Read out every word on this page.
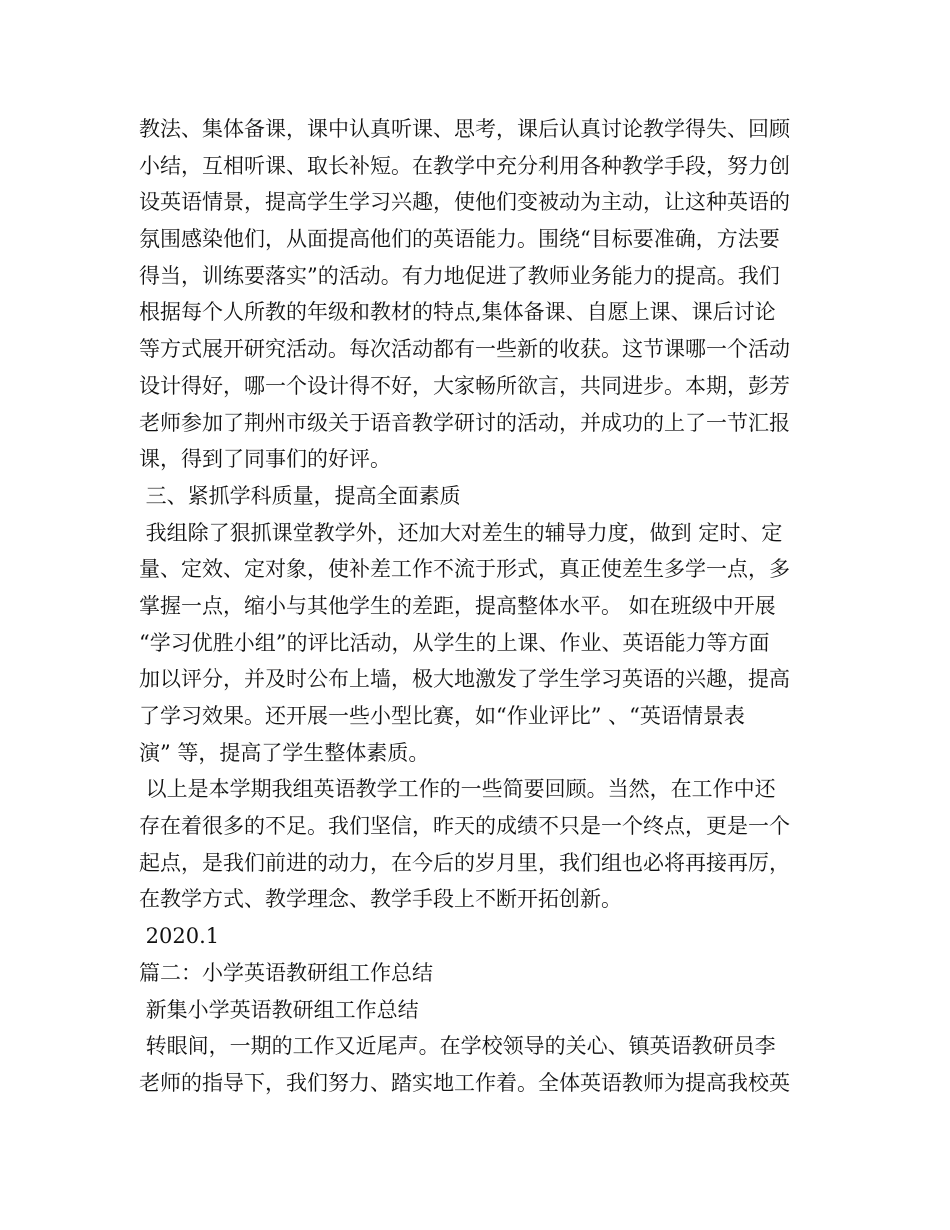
教法、集体备课，课中认真听课、思考，课后认真讨论教学得失、回顾
小结，互相听课、取长补短。在教学中充分利用各种教学手段，努力创
设英语情景，提高学生学习兴趣，使他们变被动为主动，让这种英语的
氛围感染他们，从面提高他们的英语能力。围绕“目标要准确，方法要
得当，训练要落实”的活动。有力地促进了教师业务能力的提高。我们
根据每个人所教的年级和教材的特点,集体备课、自愿上课、课后讨论
等方式展开研究活动。每次活动都有一些新的收获。这节课哪一个活动
设计得好，哪一个设计得不好，大家畅所欲言，共同进步。本期，彭芳
老师参加了荆州市级关于语音教学研讨的活动，并成功的上了一节汇报
课，得到了同事们的好评。
三、紧抓学科质量，提高全面素质
我组除了狠抓课堂教学外，还加大对差生的辅导力度，做到 定时、定
量、定效、定对象，使补差工作不流于形式，真正使差生多学一点，多
掌握一点，缩小与其他学生的差距，提高整体水平。 如在班级中开展
“学习优胜小组”的评比活动，从学生的上课、作业、英语能力等方面
加以评分，并及时公布上墙，极大地激发了学生学习英语的兴趣，提高
了学习效果。还开展一些小型比赛，如“作业评比” 、“英语情景表
演” 等，提高了学生整体素质。
以上是本学期我组英语教学工作的一些简要回顾。当然，在工作中还
存在着很多的不足。我们坚信，昨天的成绩不只是一个终点，更是一个
起点，是我们前进的动力，在今后的岁月里，我们组也必将再接再厉，
在教学方式、教学理念、教学手段上不断开拓创新。
2020.1
篇二：小学英语教研组工作总结
新集小学英语教研组工作总结
转眼间，一期的工作又近尾声。在学校领导的关心、镇英语教研员李
老师的指导下，我们努力、踏实地工作着。全体英语教师为提高我校英
